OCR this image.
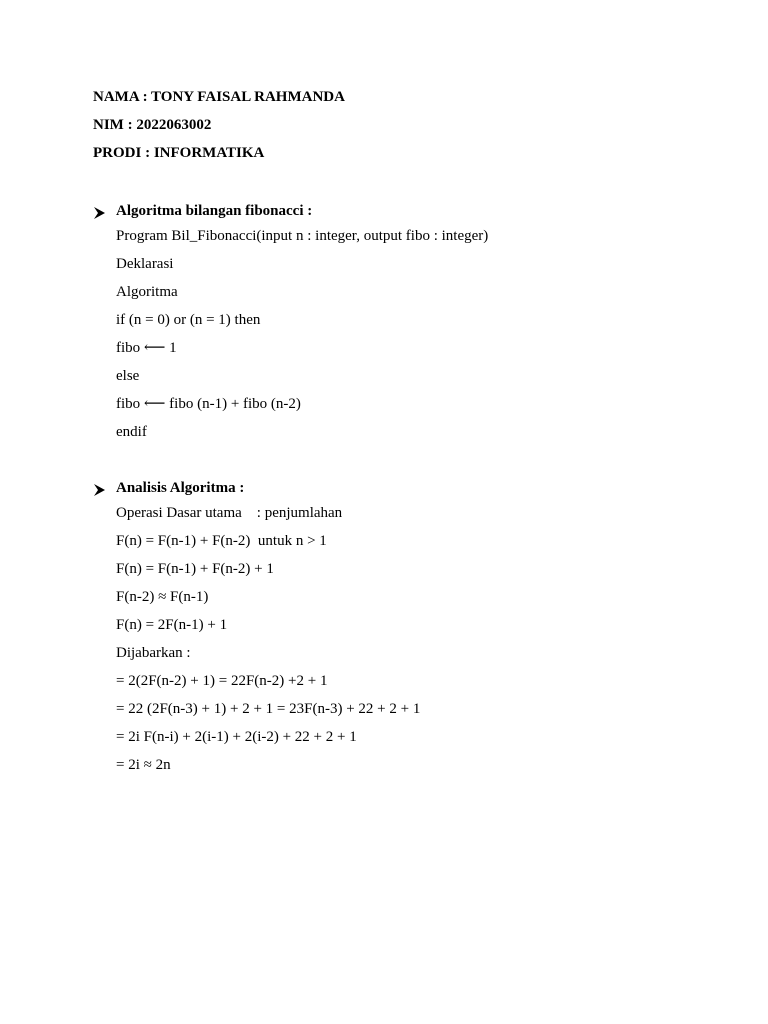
NAMA : TONY FAISAL RAHMANDA
NIM : 2022063002
PRODI : INFORMATIKA
Algoritma bilangan fibonacci :
Program Bil_Fibonacci(input n : integer, output fibo : integer)
Deklarasi
Algoritma
if (n = 0) or (n = 1) then
fibo ⟵ 1
else
fibo ⟵ fibo (n-1) + fibo (n-2)
endif
Analisis Algoritma :
Operasi Dasar utama    : penjumlahan
F(n) = F(n-1) + F(n-2)  untuk n > 1
F(n) = F(n-1) + F(n-2) + 1
F(n-2) ≈ F(n-1)
F(n) = 2F(n-1) + 1
Dijabarkan :
= 2(2F(n-2) + 1) = 22F(n-2) +2 + 1
= 22 (2F(n-3) + 1) + 2 + 1 = 23F(n-3) + 22 + 2 + 1
= 2i F(n-i) + 2(i-1) + 2(i-2) + 22 + 2 + 1
= 2i ≈ 2n
